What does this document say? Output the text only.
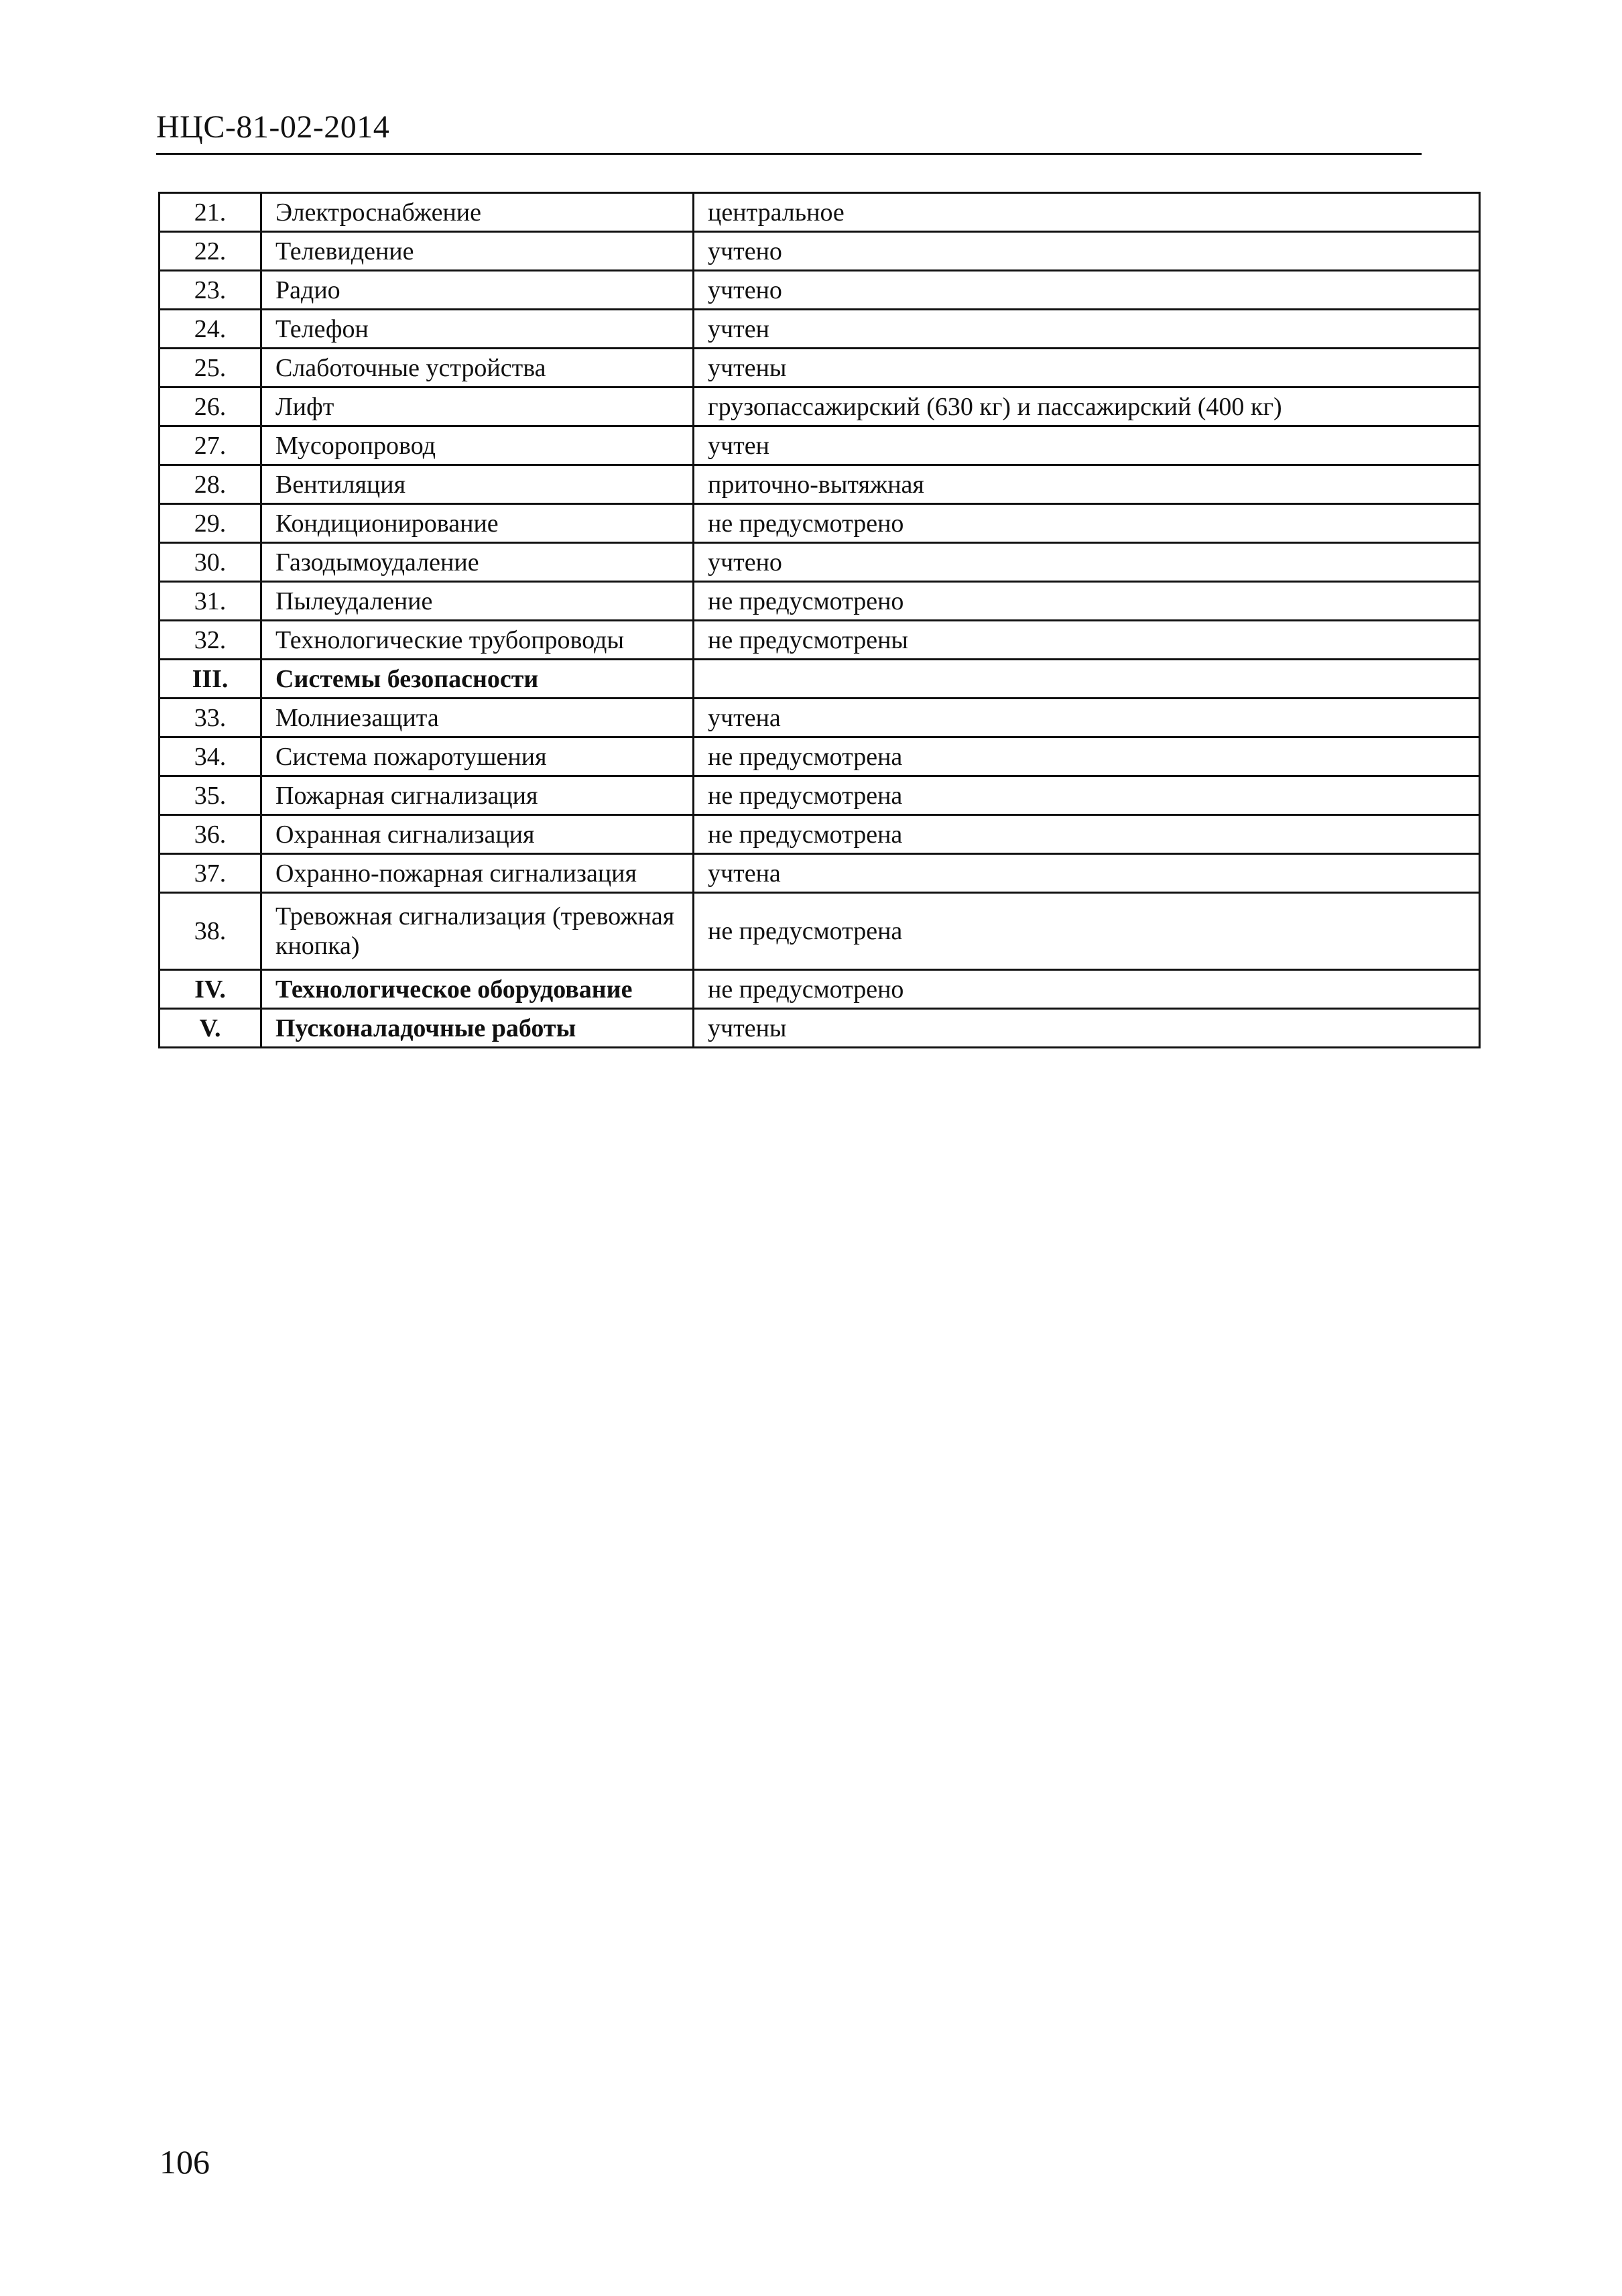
НЦС-81-02-2014
21.	Электроснабжение	центральное
22.	Телевидение	учтено
23.	Радио	учтено
24.	Телефон	учтен
25.	Слаботочные устройства	учтены
26.	Лифт	грузопассажирский (630 кг) и пассажирский (400 кг)
27.	Мусоропровод	учтен
28.	Вентиляция	приточно-вытяжная
29.	Кондиционирование	не предусмотрено
30.	Газодымоудаление	учтено
31.	Пылеудаление	не предусмотрено
32.	Технологические трубопроводы	не предусмотрены
III.	Системы безопасности	
33.	Молниезащита	учтена
34.	Система пожаротушения	не предусмотрена
35.	Пожарная сигнализация	не предусмотрена
36.	Охранная сигнализация	не предусмотрена
37.	Охранно-пожарная сигнализация	учтена
38.	Тревожная сигнализация (тревожная кнопка)	не предусмотрена
IV.	Технологическое оборудование	не предусмотрено
V.	Пусконаладочные работы	учтены
106
